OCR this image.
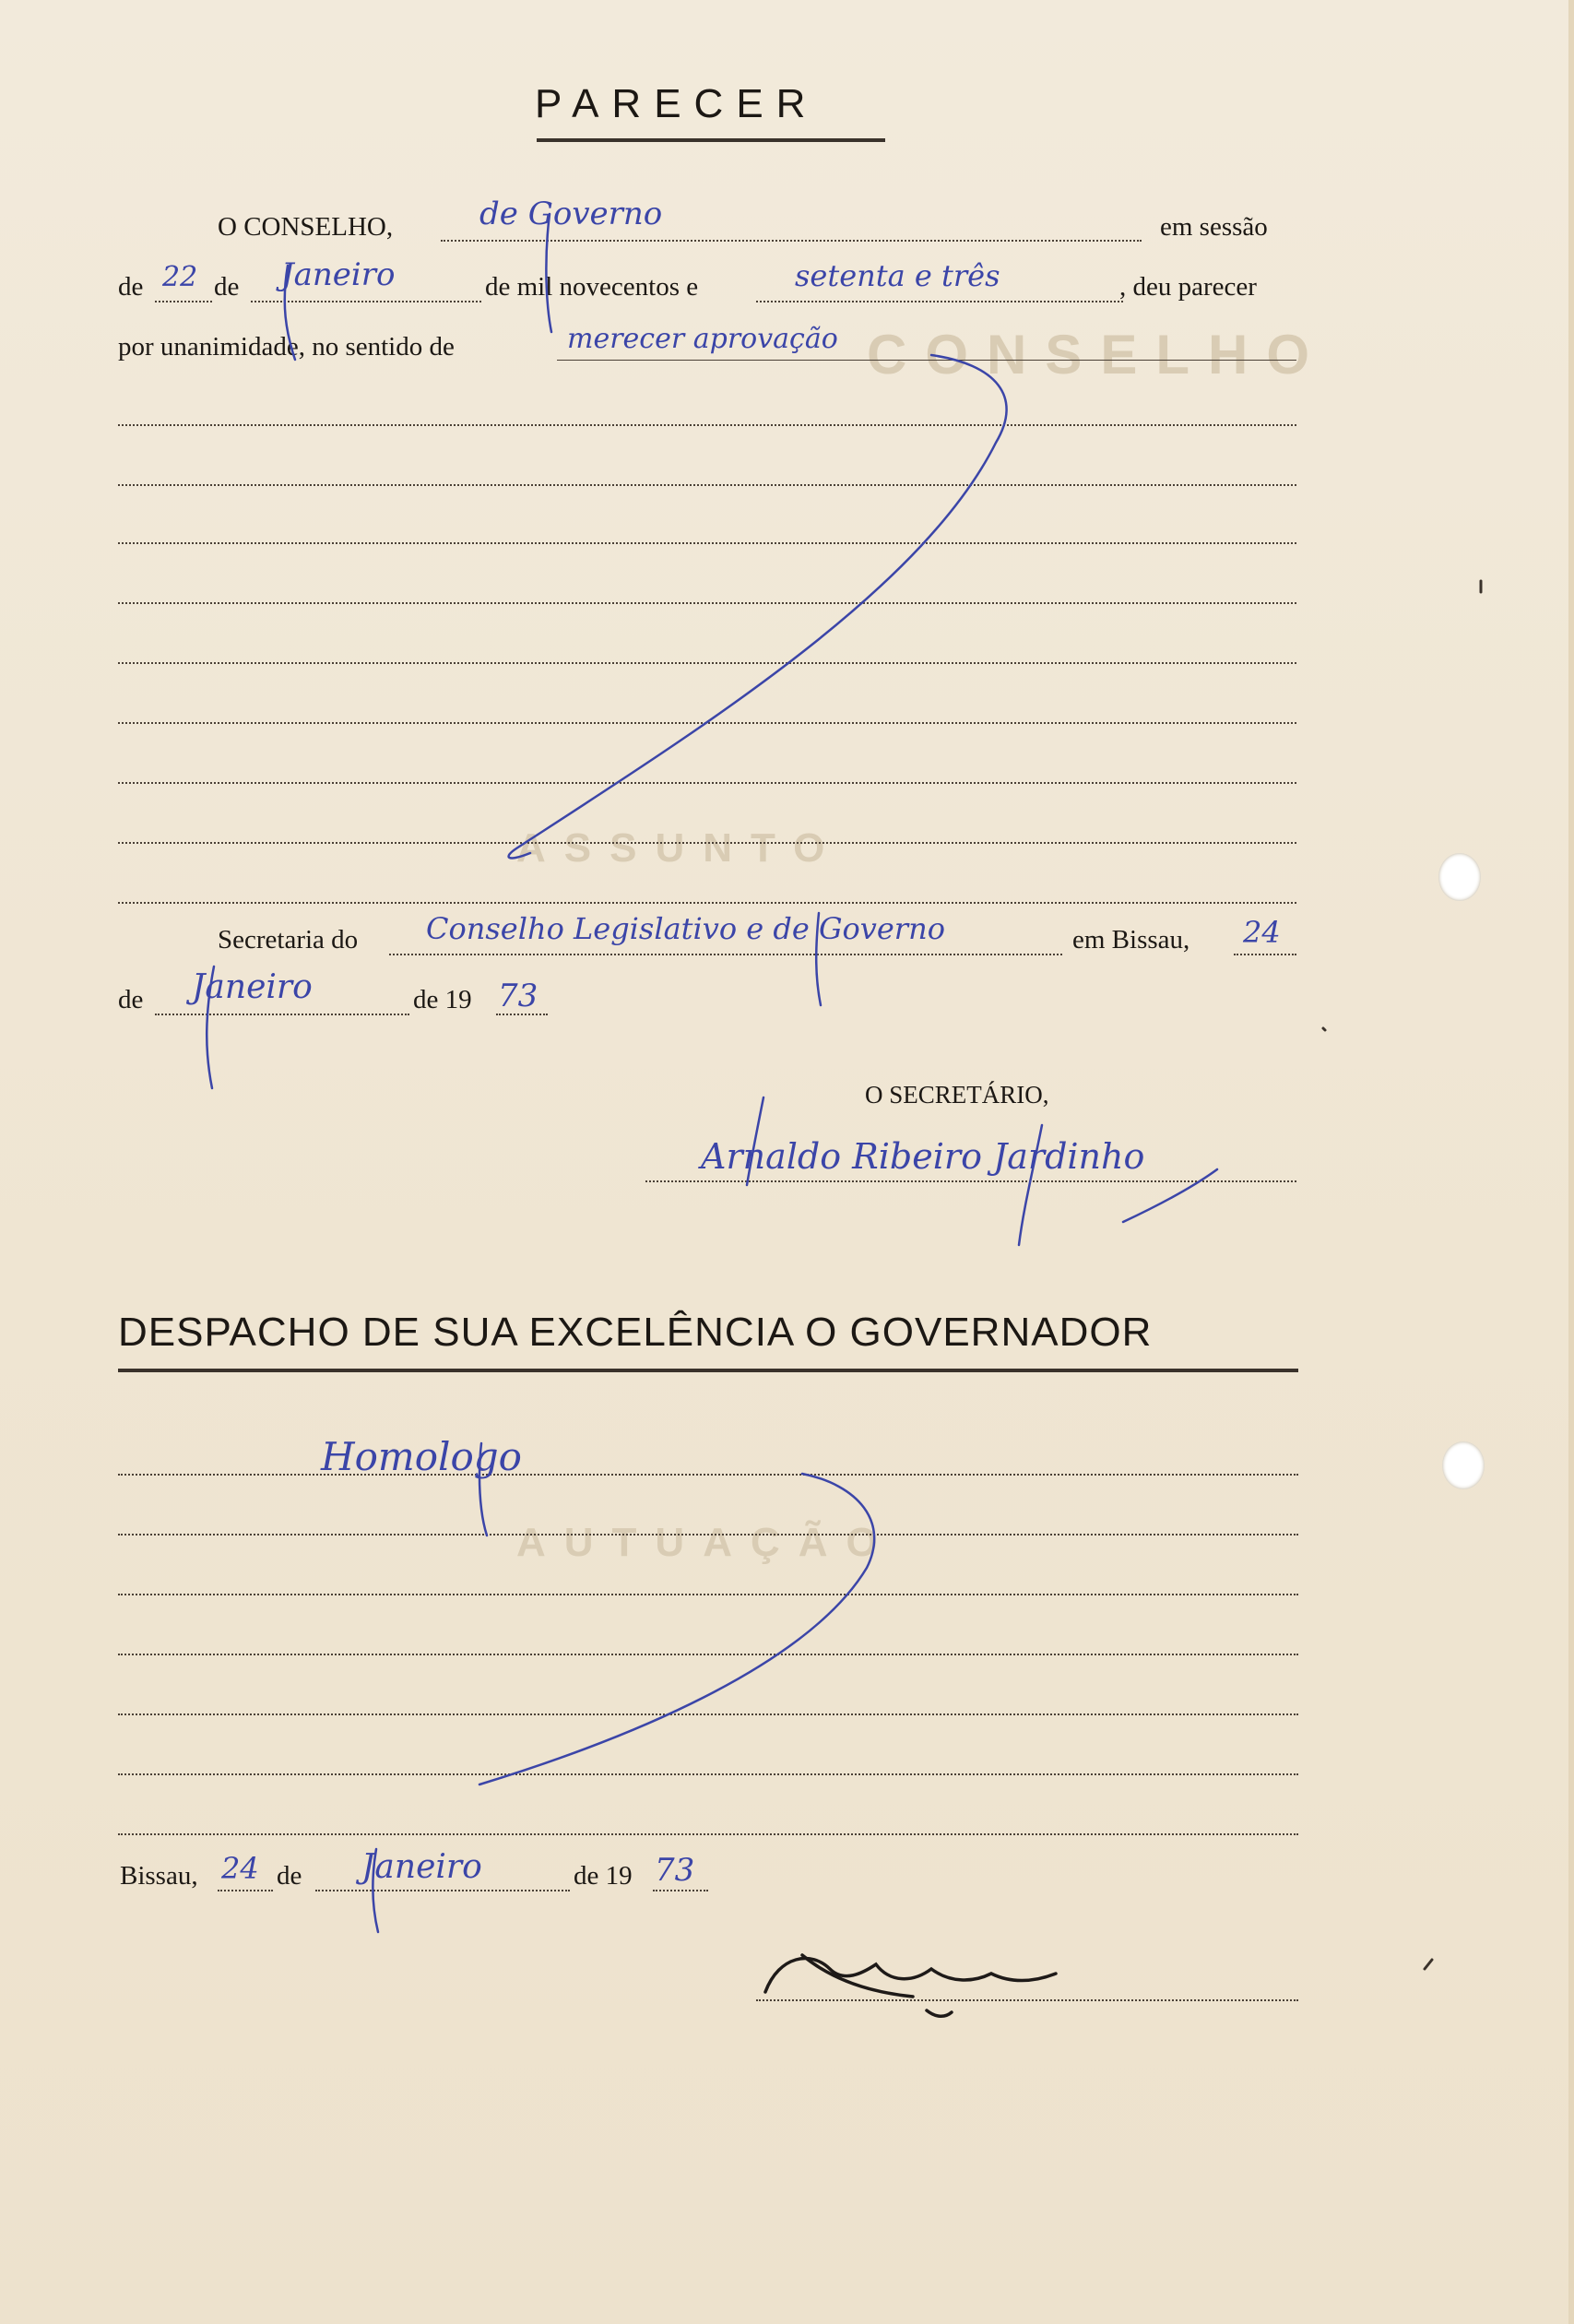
CONSELHO
ASSUNTO
AUTUAÇÃO
PARECER
O CONSELHO,	de Governo	em sessão
de 22 de Janeiro	de mil novecentos e	setenta e três	, deu parecer
por unanimidade, no sentido de	merecer aprovação
Secretaria do Conselho Legislativo e de Governo	em Bissau, 24
de Janeiro	de 19 73
O SECRETÁRIO,
Arnaldo Ribeiro Jardinho
DESPACHO DE SUA EXCELÊNCIA O GOVERNADOR
Homologo
Bissau, 24 de Janeiro	de 19 73
